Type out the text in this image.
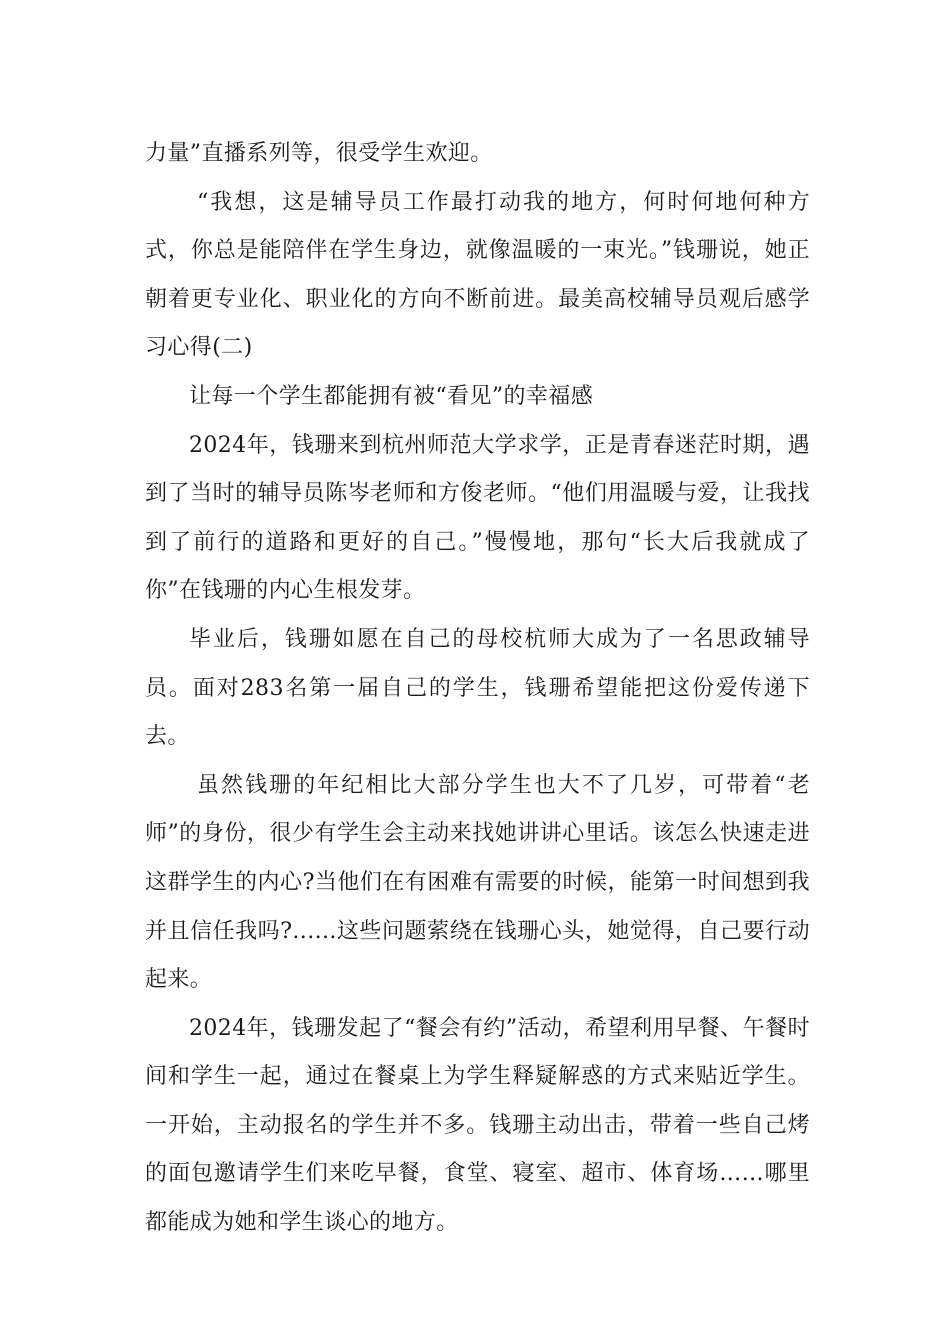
力量”直播系列等，很受学生欢迎。

“我想，这是辅导员工作最打动我的地方，何时何地何种方式，你总是能陪伴在学生身边，就像温暖的一束光。”钱珊说，她正朝着更专业化、职业化的方向不断前进。最美高校辅导员观后感学习心得(二)

让每一个学生都能拥有被“看见”的幸福感

2024年，钱珊来到杭州师范大学求学，正是青春迷茫时期，遇到了当时的辅导员陈岑老师和方俊老师。“他们用温暖与爱，让我找到了前行的道路和更好的自己。”慢慢地，那句“长大后我就成了你”在钱珊的内心生根发芽。

毕业后，钱珊如愿在自己的母校杭师大成为了一名思政辅导员。面对283名第一届自己的学生，钱珊希望能把这份爱传递下去。

虽然钱珊的年纪相比大部分学生也大不了几岁，可带着“老师”的身份，很少有学生会主动来找她讲讲心里话。该怎么快速走进这群学生的内心?当他们在有困难有需要的时候，能第一时间想到我并且信任我吗?......这些问题萦绕在钱珊心头，她觉得，自己要行动起来。

2024年，钱珊发起了“餐会有约”活动，希望利用早餐、午餐时间和学生一起，通过在餐桌上为学生释疑解惑的方式来贴近学生。一开始，主动报名的学生并不多。钱珊主动出击，带着一些自己烤的面包邀请学生们来吃早餐，食堂、寝室、超市、体育场……哪里都能成为她和学生谈心的地方。
